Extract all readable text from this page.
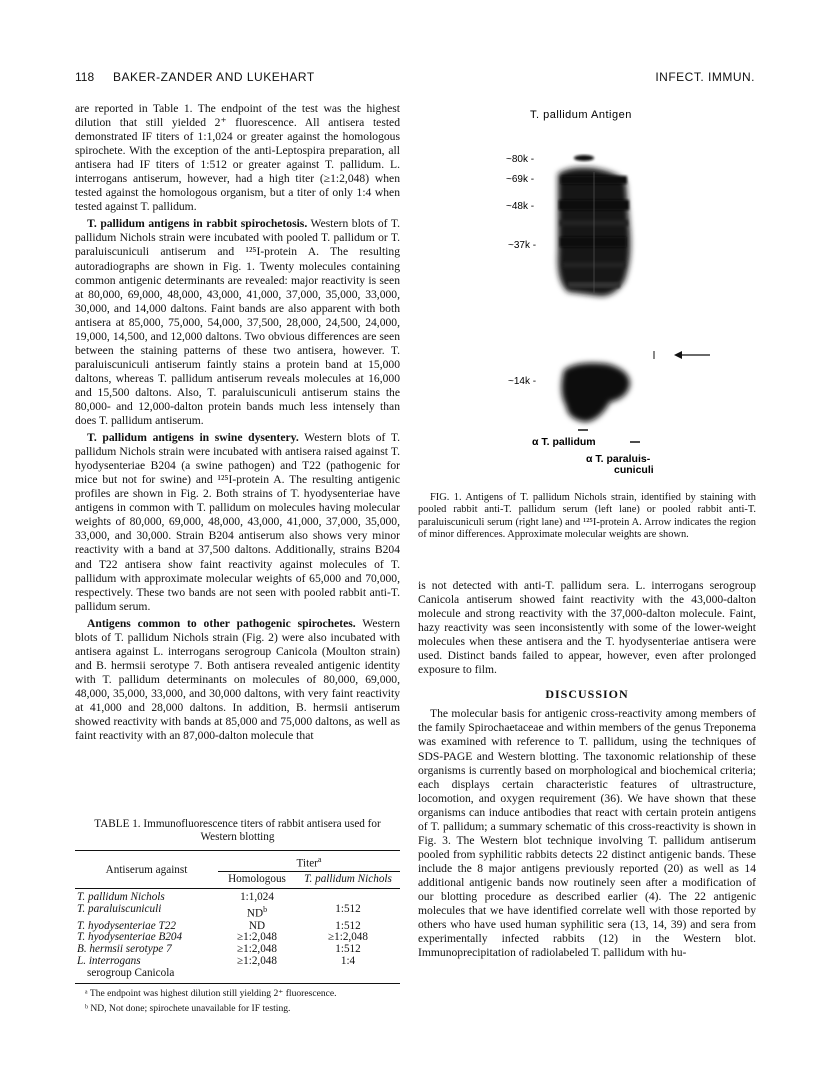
118 BAKER-ZANDER AND LUKEHART	INFECT. IMMUN.

are reported in Table 1. The endpoint of the test was the highest dilution that still yielded 2⁺ fluorescence. All antisera tested demonstrated IF titers of 1:1,024 or greater against the homologous spirochete. With the exception of the anti-Leptospira preparation, all antisera had IF titers of 1:512 or greater against T. pallidum. L. interrogans antiserum, however, had a high titer (≥1:2,048) when tested against the homologous organism, but a titer of only 1:4 when tested against T. pallidum.

T. pallidum antigens in rabbit spirochetosis. Western blots of T. pallidum Nichols strain were incubated with pooled T. pallidum or T. paraluiscuniculi antiserum and ¹²⁵I-protein A. The resulting autoradiographs are shown in Fig. 1. Twenty molecules containing common antigenic determinants are revealed: major reactivity is seen at 80,000, 69,000, 48,000, 43,000, 41,000, 37,000, 35,000, 33,000, 30,000, and 14,000 daltons. Faint bands are also apparent with both antisera at 85,000, 75,000, 54,000, 37,500, 28,000, 24,500, 24,000, 19,000, 14,500, and 12,000 daltons. Two obvious differences are seen between the staining patterns of these two antisera, however. T. paraluiscuniculi antiserum faintly stains a protein band at 15,000 daltons, whereas T. pallidum antiserum reveals molecules at 16,000 and 15,500 daltons. Also, T. paraluiscuniculi antiserum stains the 80,000- and 12,000-dalton protein bands much less intensely than does T. pallidum antiserum.

T. pallidum antigens in swine dysentery. Western blots of T. pallidum Nichols strain were incubated with antisera raised against T. hyodysenteriae B204 (a swine pathogen) and T22 (pathogenic for mice but not for swine) and ¹²⁵I-protein A. The resulting antigenic profiles are shown in Fig. 2. Both strains of T. hyodysenteriae have antigens in common with T. pallidum on molecules having molecular weights of 80,000, 69,000, 48,000, 43,000, 41,000, 37,000, 35,000, 33,000, and 30,000. Strain B204 antiserum also shows very minor reactivity with a band at 37,500 daltons. Additionally, strains B204 and T22 antisera show faint reactivity against molecules of T. pallidum with approximate molecular weights of 65,000 and 70,000, respectively. These two bands are not seen with pooled rabbit anti-T. pallidum serum.

Antigens common to other pathogenic spirochetes. Western blots of T. pallidum Nichols strain (Fig. 2) were also incubated with antisera against L. interrogans serogroup Canicola (Moulton strain) and B. hermsii serotype 7. Both antisera revealed antigenic identity with T. pallidum determinants on molecules of 80,000, 69,000, 48,000, 35,000, 33,000, and 30,000 daltons, with very faint reactivity at 41,000 and 28,000 daltons. In addition, B. hermsii antiserum showed reactivity with bands at 85,000 and 75,000 daltons, as well as faint reactivity with an 87,000-dalton molecule that

TABLE 1. Immunofluorescence titers of rabbit antisera used for Western blotting
Antiserum against	Titer$^a$
	Homologous	T. pallidum Nichols
T. pallidum Nichols	1:1,024	
T. paraluiscuniculi	$ND^b$	1:512
T. hyodysenteriae T22	ND	1:512
T. hyodysenteriae B204	≥1:2,048	≥1:2,048
B. hermsii serotype 7	≥1:2,048	1:512
L. interrogans	≥1:2,048	1:4
serogroup Canicola		
ᵃ The endpoint was highest dilution still yielding 2⁺ fluorescence.
ᵇ ND, Not done; spirochete unavailable for IF testing.
T. pallidum Antigen
~80k -
~69k -
~48k -
~37k -
~14k -
α T. pallidum
α T. paraluis-
cuniculi

FIG. 1. Antigens of T. pallidum Nichols strain, identified by staining with pooled rabbit anti-T. pallidum serum (left lane) or pooled rabbit anti-T. paraluiscuniculi serum (right lane) and ¹²⁵I-protein A. Arrow indicates the region of minor differences. Approximate molecular weights are shown.

is not detected with anti-T. pallidum sera. L. interrogans serogroup Canicola antiserum showed faint reactivity with the 43,000-dalton molecule and strong reactivity with the 37,000-dalton molecule. Faint, hazy reactivity was seen inconsistently with some of the lower-weight molecules when these antisera and the T. hyodysenteriae antisera were used. Distinct bands failed to appear, however, even after prolonged exposure to film.

DISCUSSION

The molecular basis for antigenic cross-reactivity among members of the family Spirochaetaceae and within members of the genus Treponema was examined with reference to T. pallidum, using the techniques of SDS-PAGE and Western blotting. The taxonomic relationship of these organisms is currently based on morphological and biochemical criteria; each displays certain characteristic features of ultrastructure, locomotion, and oxygen requirement (36). We have shown that these organisms can induce antibodies that react with certain protein antigens of T. pallidum; a summary schematic of this cross-reactivity is shown in Fig. 3. The Western blot technique involving T. pallidum antiserum pooled from syphilitic rabbits detects 22 distinct antigenic bands. These include the 8 major antigens previously reported (20) as well as 14 additional antigenic bands now routinely seen after a modification of our blotting procedure as described earlier (4). The 22 antigenic molecules that we have identified correlate well with those reported by others who have used human syphilitic sera (13, 14, 39) and sera from experimentally infected rabbits (12) in the Western blot. Immunoprecipitation of radiolabeled T. pallidum with hu-
